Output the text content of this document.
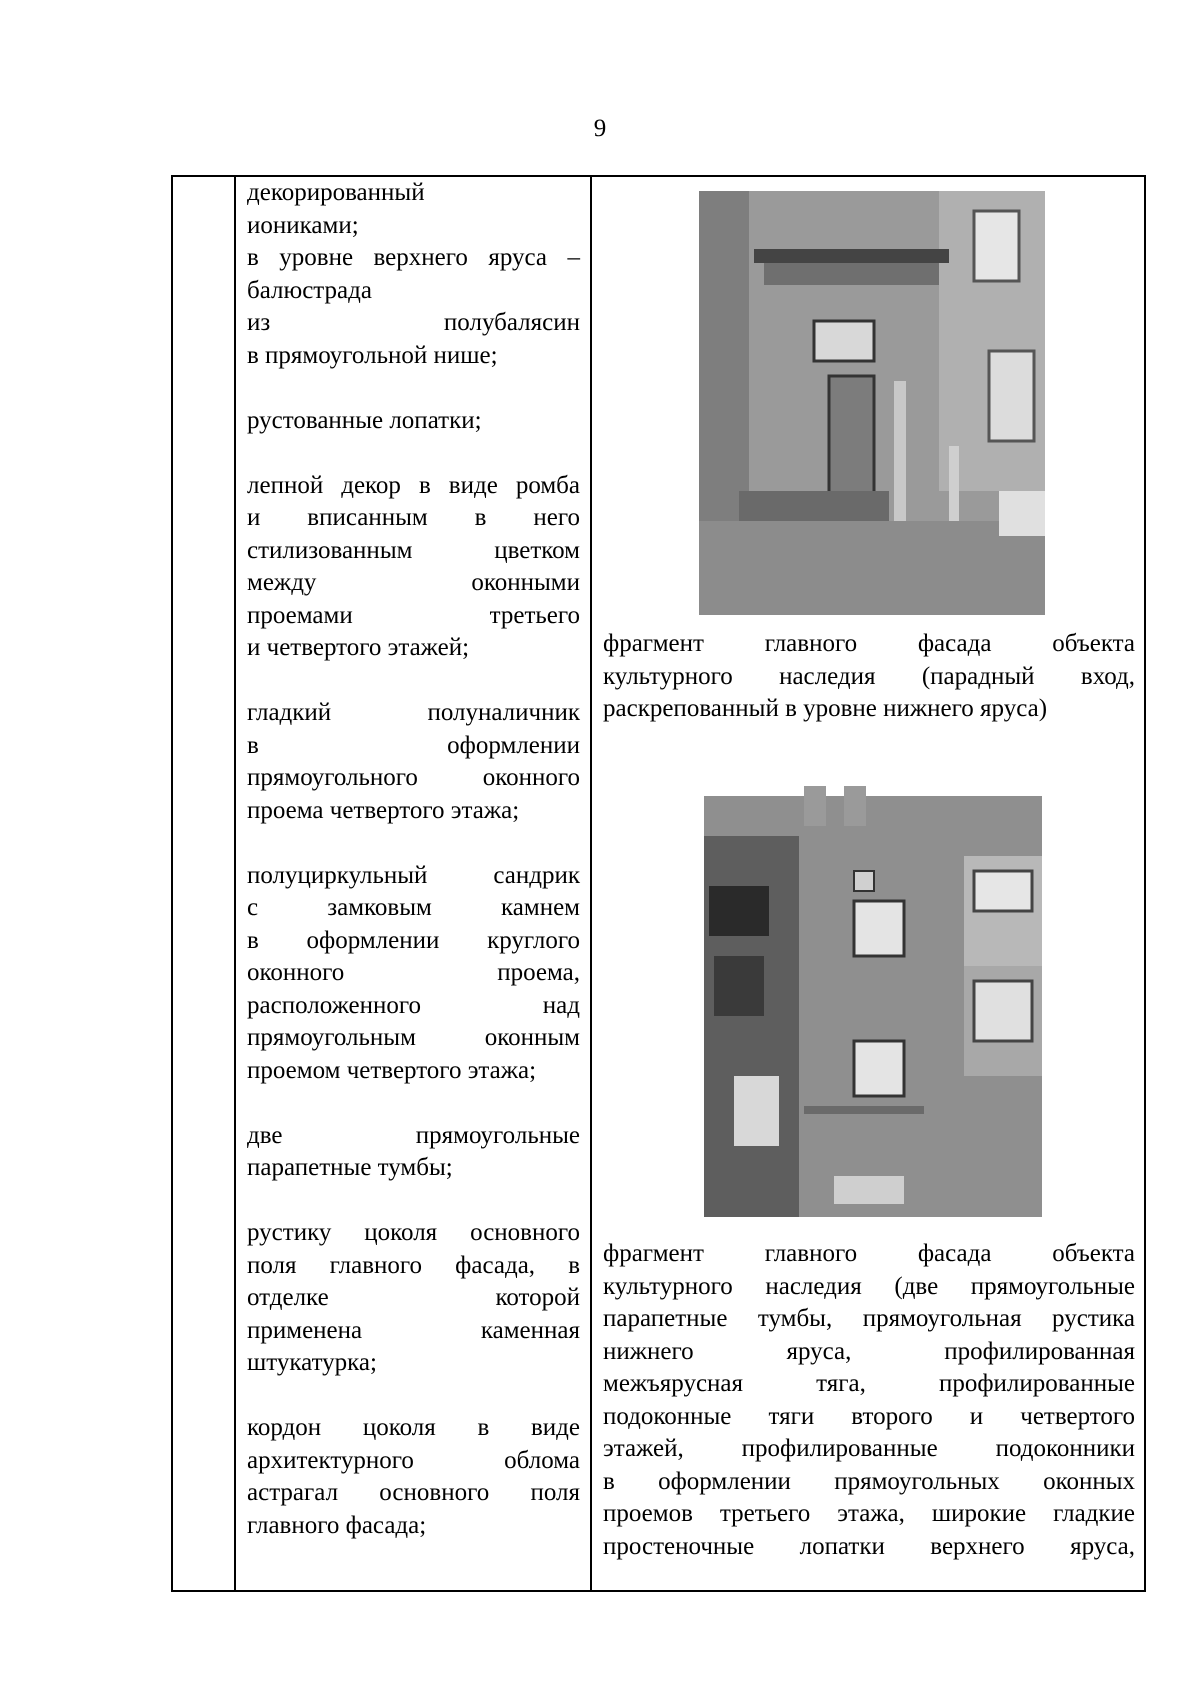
9
декорированный
иониками;
в уровне верхнего яруса –
балюстрада
из полубалясин
в прямоугольной нише;
рустованные лопатки;
лепной декор в виде ромба
и вписанным в него
стилизованным цветком
между оконными
проемами третьего
и четвертого этажей;
гладкий полуналичник
в оформлении
прямоугольного оконного
проема четвертого этажа;
полуциркульный сандрик
с замковым камнем
в оформлении круглого
оконного проема,
расположенного над
прямоугольным оконным
проемом четвертого этажа;
две прямоугольные
парапетные тумбы;
рустику цоколя основного
поля главного фасада, в
отделке которой
применена каменная
штукатурка;
кордон цоколя в виде
архитектурного облома
астрагал основного поля
главного фасада;
фрагмент главного фасада объекта
культурного наследия (парадный вход,
раскрепованный в уровне нижнего яруса)
фрагмент главного фасада объекта
культурного наследия (две прямоугольные
парапетные тумбы, прямоугольная рустика
нижнего яруса, профилированная
межъярусная тяга, профилированные
подоконные тяги второго и четвертого
этажей, профилированные подоконники
в оформлении прямоугольных оконных
проемов третьего этажа, широкие гладкие
простеночные лопатки верхнего яруса,
